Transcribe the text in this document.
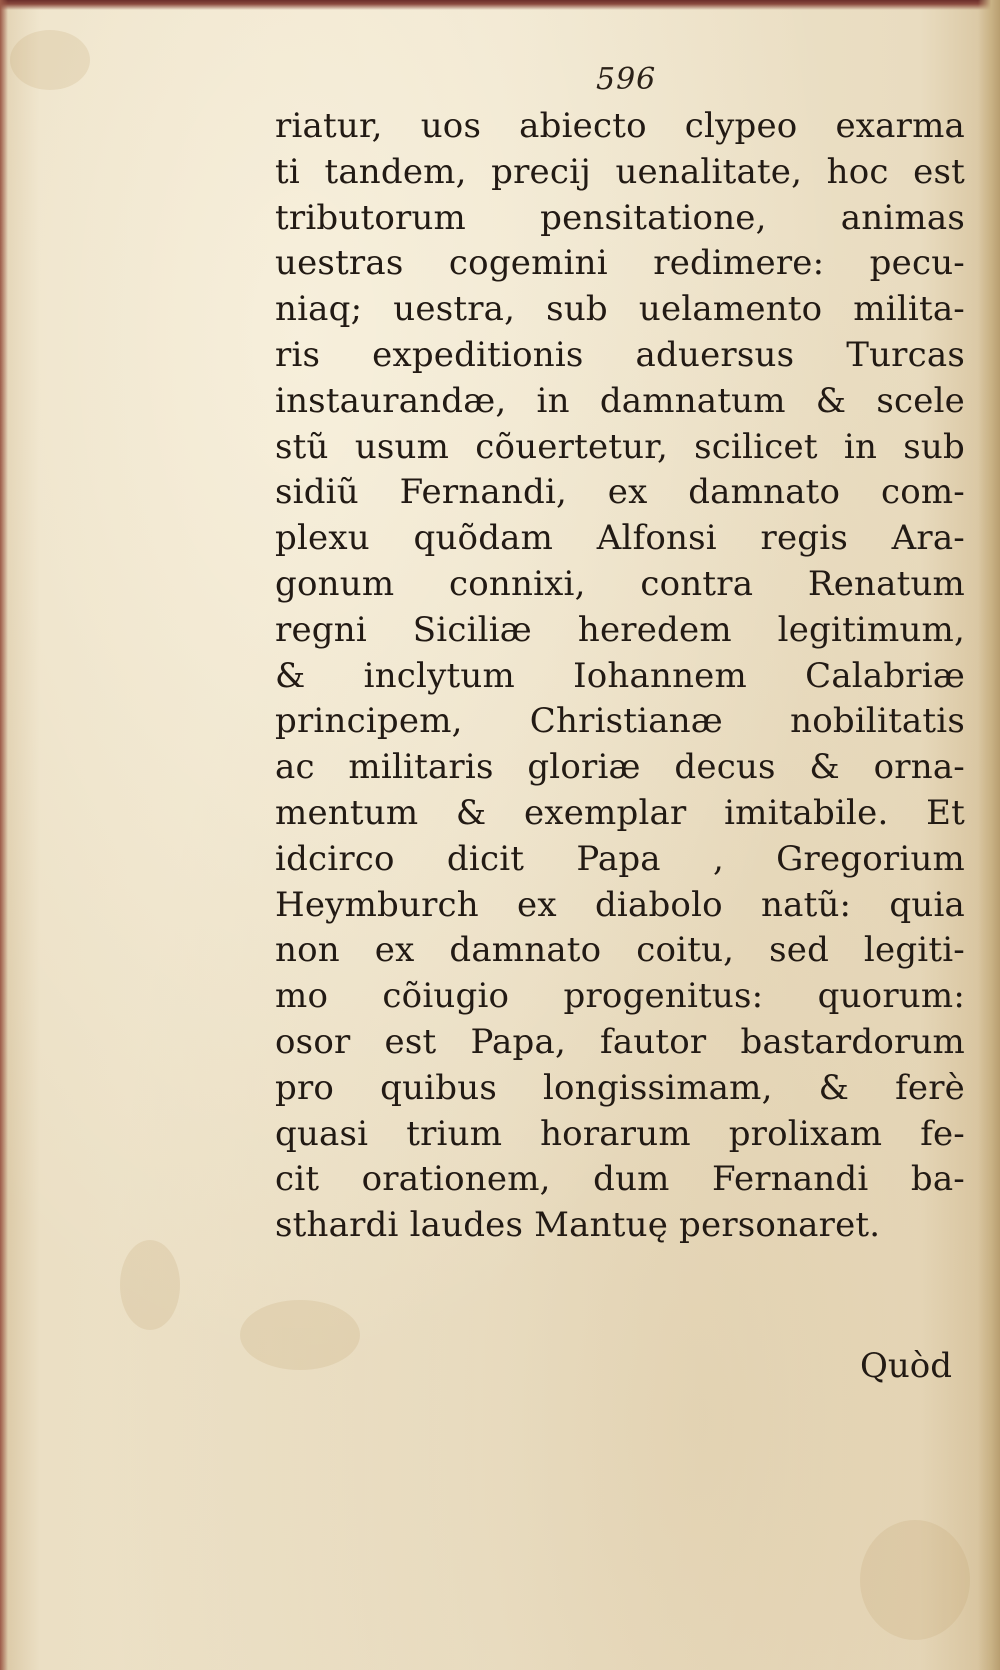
596
riatur, uos abiecto clypeo exarma
ti tandem, precij uenalitate, hoc est
tributorum pensitatione, animas
uestras cogemini redimere: pecu-
niaq; uestra, sub uelamento milita-
ris expeditionis aduersus Turcas
instaurandæ, in damnatum & scele
stũ usum cõuertetur, scilicet in sub
sidiũ Fernandi, ex damnato com-
plexu quõdam Alfonsi regis Ara-
gonum connixi, contra Renatum
regni Siciliæ heredem legitimum,
& inclytum Iohannem Calabriæ
principem, Christianæ nobilitatis
ac militaris gloriæ decus & orna-
mentum & exemplar imitabile. Et
idcirco dicit Papa , Gregorium
Heymburch ex diabolo natũ: quia
non ex damnato coitu, sed legiti-
mo cõiugio progenitus: quorum:
osor est Papa, fautor bastardorum
pro quibus longissimam, & ferè
quasi trium horarum prolixam fe-
cit orationem, dum Fernandi ba-
sthardi laudes Mantuę personaret.
Quòd
